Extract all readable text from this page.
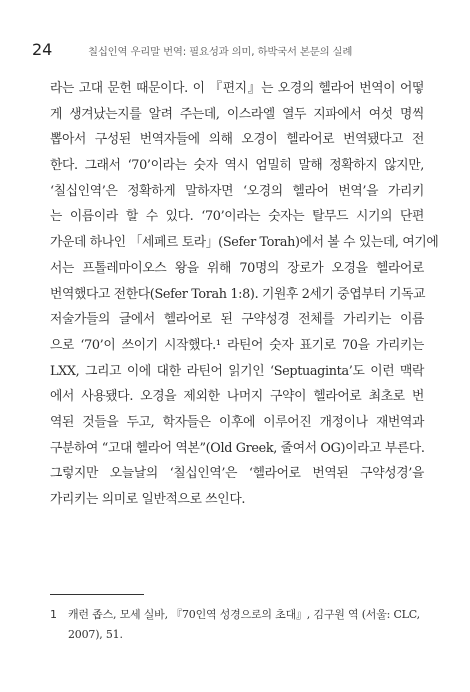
24	칠십인역 우리말 번역: 필요성과 의미, 하박국서 본문의 실례
라는 고대 문헌 때문이다. 이 『편지』는 오경의 헬라어 번역이 어떻
게 생겨났는지를 알려 주는데, 이스라엘 열두 지파에서 여섯 명씩
뽑아서 구성된 번역자들에 의해 오경이 헬라어로 번역됐다고 전
한다. 그래서 ‘70’이라는 숫자 역시 엄밀히 말해 정확하지 않지만,
‘칠십인역’은 정확하게 말하자면 ‘오경의 헬라어 번역’을 가리키
는 이름이라 할 수 있다. ‘70’이라는 숫자는 탈무드 시기의 단편
가운데 하나인 「세페르 토라」(Sefer Torah)에서 볼 수 있는데, 여기에
서는 프톨레마이오스 왕을 위해 70명의 장로가 오경을 헬라어로
번역했다고 전한다(Sefer Torah 1:8). 기원후 2세기 중엽부터 기독교
저술가들의 글에서 헬라어로 된 구약성경 전체를 가리키는 이름
으로 ‘70’이 쓰이기 시작했다.¹ 라틴어 숫자 표기로 70을 가리키는
LXX, 그리고 이에 대한 라틴어 읽기인 ‘Septuaginta’도 이런 맥락
에서 사용됐다. 오경을 제외한 나머지 구약이 헬라어로 최초로 번
역된 것들을 두고, 학자들은 이후에 이루어진 개정이나 재번역과
구분하여 “고대 헬라어 역본”(Old Greek, 줄여서 OG)이라고 부른다.
그렇지만 오늘날의 ‘칠십인역’은 ‘헬라어로 번역된 구약성경’을
가리키는 의미로 일반적으로 쓰인다.
1 캐런 좁스, 모세 실바, 『70인역 성경으로의 초대』, 김구원 역 (서울: CLC,
2007), 51.
